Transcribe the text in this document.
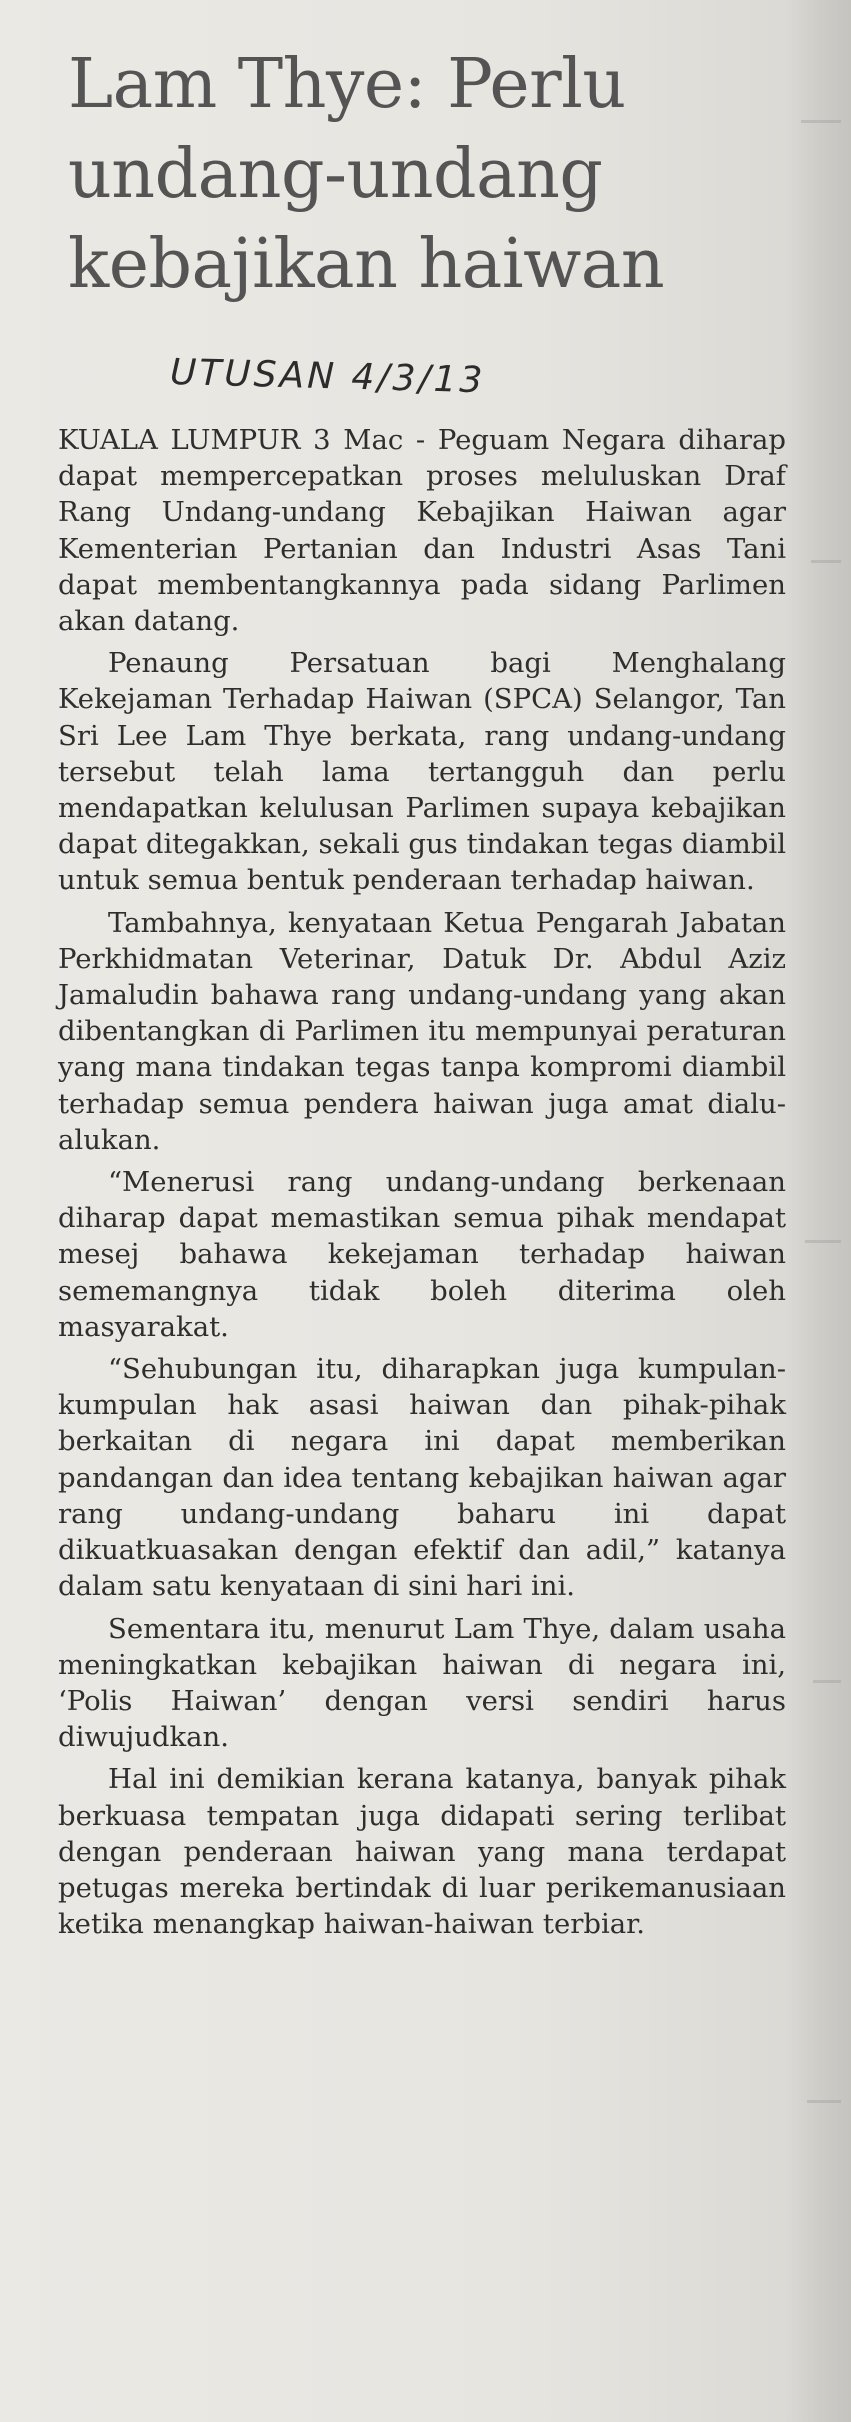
Lam Thye: Perlu undang-undang kebajikan haiwan
UTUSAN 4/3/13

KUALA LUMPUR 3 Mac - Peguam Negara diharap dapat mempercepatkan proses meluluskan Draf Rang Undang-undang Kebajikan Haiwan agar Kementerian Pertanian dan Industri Asas Tani dapat membentangkannya pada sidang Parlimen akan datang.

Penaung Persatuan bagi Menghalang Kekejaman Terhadap Haiwan (SPCA) Selangor, Tan Sri Lee Lam Thye berkata, rang undang-undang tersebut telah lama tertangguh dan perlu mendapatkan kelulusan Parlimen supaya kebajikan dapat ditegakkan, sekali gus tindakan tegas diambil untuk semua bentuk penderaan terhadap haiwan.

Tambahnya, kenyataan Ketua Pengarah Jabatan Perkhidmatan Veterinar, Datuk Dr. Abdul Aziz Jamaludin bahawa rang undang-undang yang akan dibentangkan di Parlimen itu mempunyai peraturan yang mana tindakan tegas tanpa kompromi diambil terhadap semua pendera haiwan juga amat dialu-alukan.

“Menerusi rang undang-undang berkenaan diharap dapat memastikan semua pihak mendapat mesej bahawa kekejaman terhadap haiwan sememangnya tidak boleh diterima oleh masyarakat.

“Sehubungan itu, diharapkan juga kumpulan-kumpulan hak asasi haiwan dan pihak-pihak berkaitan di negara ini dapat memberikan pandangan dan idea tentang kebajikan haiwan agar rang undang-undang baharu ini dapat dikuatkuasakan dengan efektif dan adil,” katanya dalam satu kenyataan di sini hari ini.

Sementara itu, menurut Lam Thye, dalam usaha meningkatkan kebajikan haiwan di negara ini, ‘Polis Haiwan’ dengan versi sendiri harus diwujudkan.

Hal ini demikian kerana katanya, banyak pihak berkuasa tempatan juga didapati sering terlibat dengan penderaan haiwan yang mana terdapat petugas mereka bertindak di luar perikemanusiaan ketika menangkap haiwan-haiwan terbiar.
